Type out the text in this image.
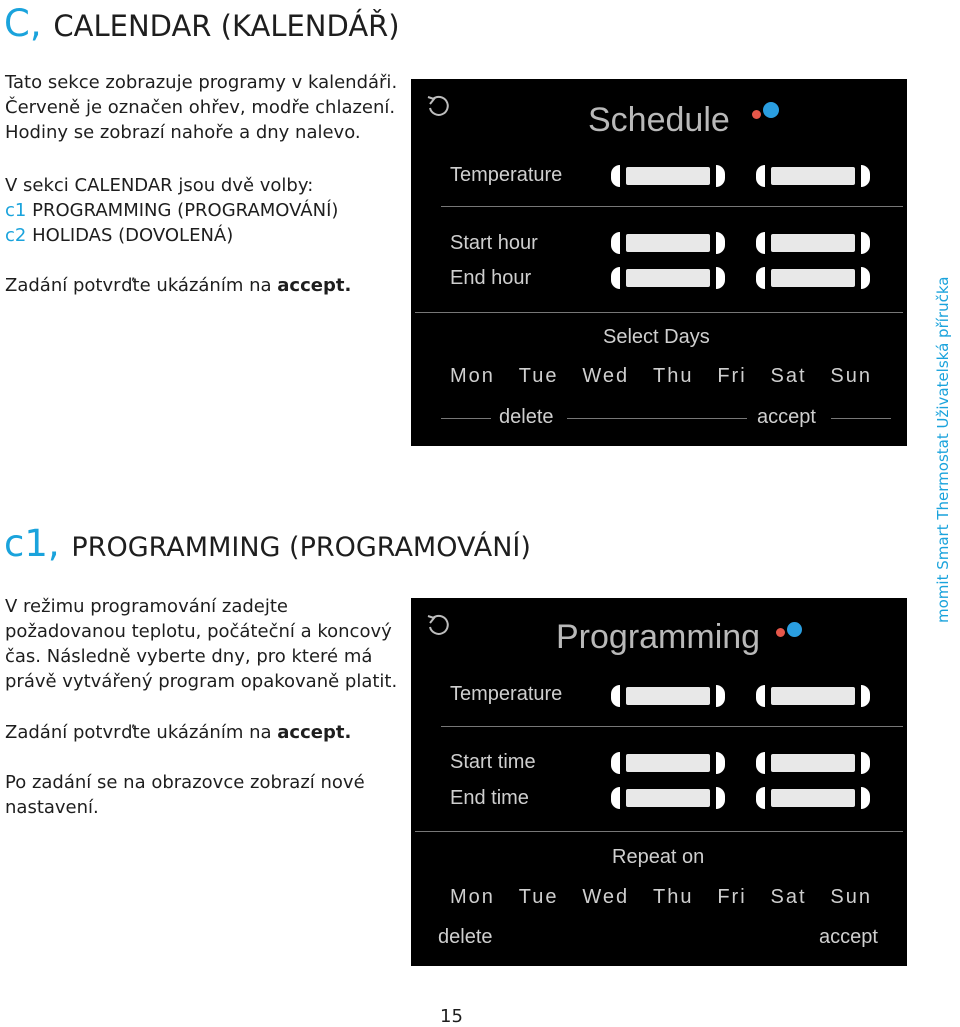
C, CALENDAR (KALENDÁŘ)

Tato sekce zobrazuje programy v kalendáři.

Červeně je označen ohřev, modře chlazení.

Hodiny se zobrazí nahoře a dny nalevo.

V sekci CALENDAR jsou dvě volby:

c1 PROGRAMMING (PROGRAMOVÁNÍ)

c2 HOLIDAS (DOVOLENÁ)

Zadání potvrďte ukázáním na accept.

Schedule
Temperature
Start hour
End hour
Select Days
Mon Tue Wed Thu Fri Sat Sun
delete	accept
c1, PROGRAMMING (PROGRAMOVÁNÍ)

V režimu programování zadejte

požadovanou teplotu, počáteční a koncový

čas. Následně vyberte dny, pro které má

právě vytvářený program opakovaně platit.

Zadání potvrďte ukázáním na accept.

Po zadání se na obrazovce zobrazí nové

nastavení.

Programming
Temperature
Start time
End time
Repeat on
Mon Tue Wed Thu Fri Sat Sun
delete	accept
momit Smart Thermostat Uživatelská příručka
15
